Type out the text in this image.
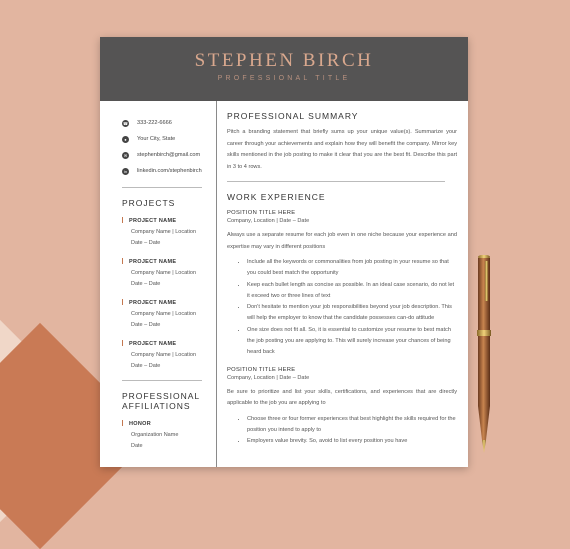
STEPHEN BIRCH
PROFESSIONAL TITLE
☎ 333-222-6666
●	Your City, State
✉	stephenbirch@gmail.com
in	linkedin.com/stephenbirch
PROJECTS
PROJECT NAME
Company Name | Location
Date – Date
PROJECT NAME
Company Name | Location
Date – Date
PROJECT NAME
Company Name | Location
Date – Date
PROJECT NAME
Company Name | Location
Date – Date
PROFESSIONAL
AFFILIATIONS
HONOR
Organization Name
Date
PROFESSIONAL SUMMARY
Pitch a branding statement that briefly sums up your unique value(s). Summarize your career through your achievements and explain how they will benefit the company. Mirror key skills mentioned in the job posting to make it clear that you are the best fit. Describe this part in 3 to 4 rows.
WORK EXPERIENCE
POSITION TITLE HERE
Company, Location | Date – Date
Always use a separate resume for each job even in one niche because your experience and expertise may vary in different positions
• Include all the keywords or commonalities from job posting in your resume so that you could best match the opportunity
• Keep each bullet length as concise as possible. In an ideal case scenario, do not let it exceed two or three lines of text
• Don't hesitate to mention your job responsibilities beyond your job description. This will help the employer to know that the candidate possesses can-do attitude
• One size does not fit all. So, it is essential to customize your resume to best match the job posting you are applying to. This will surely increase your chances of being heard back
POSITION TITLE HERE
Company, Location | Date – Date
Be sure to prioritize and list your skills, certifications, and experiences that are directly applicable to the job you are applying to
• Choose three or four former experiences that best highlight the skills required for the position you intend to apply to
• Employers value brevity. So, avoid to list every position you have
